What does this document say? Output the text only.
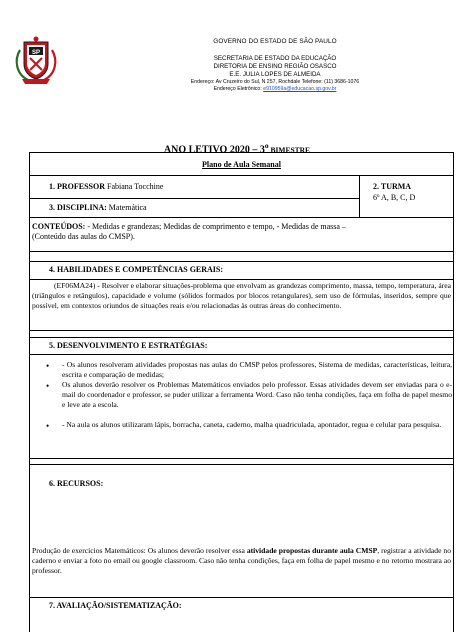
SP
GOVERNO DO ESTADO DE SÃO PAULO
SECRETARIA DE ESTADO DA EDUCAÇÃO
DIRETORIA DE ENSINO REGIÃO OSASCO
E.E. JULIA LOPES DE ALMEIDA
Endereço: Av Cruzeiro do Sul, N 257, Rochdale Telefone: (11) 3686-1076
Endereço Eletrônico: e910959a@educacao.sp.gov.br
ANO LETIVO 2020 – 3$^o$ BIMESTRE
Plano de Aula Semanal
1. PROFESSOR Fabiana Tocchine	2. TURMA
6º A, B, C, D
3. DISCIPLINA: Matemática
CONTEÚDOS: - Medidas e grandezas; Medidas de comprimento e tempo, - Medidas de massa –
(Conteúdo das aulas do CMSP).
4. HABILIDADES E COMPETÊNCIAS GERAIS:
(EF06MA24) - Resolver e elaborar situações-problema que envolvam as grandezas comprimento, massa, tempo, temperatura, área (triângulos e retângulos), capacidade e volume (sólidos formados por blocos retangulares), sem uso de fórmulas, inseridos, sempre que possível, em contextos oriundos de situações reais e/ou relacionadas às outras áreas do conhecimento.
5. DESENVOLVIMENTO E ESTRATÉGIAS:
• - Os alunos resolveram atividades propostas nas aulas do CMSP pelos professores, Sistema de medidas, características, leitura, escrita e comparação de medidas;
• Os alunos deverão resolver os Problemas Matemáticos enviados pelo professor. Essas atividades devem ser enviadas para o e-mail do coordenador e professor, se puder utilizar a ferramenta Word. Caso não tenha condições, faça em folha de papel mesmo e leve ate a escola.
• - Na aula os alunos utilizaram lápis, borracha, caneta, caderno, malha quadriculada, apontador, regua e celular para pesquisa.
6. RECURSOS:
Produção de exercícios Matemáticos: Os alunos deverão resolver essa atividade propostas durante aula CMSP, registrar a atividade no caderno e enviar a foto no email ou google classroom. Caso não tenha condições, faça em folha de papel mesmo e no retorno mostrara ao professor.
7. AVALIAÇÃO/SISTEMATIZAÇÃO:
